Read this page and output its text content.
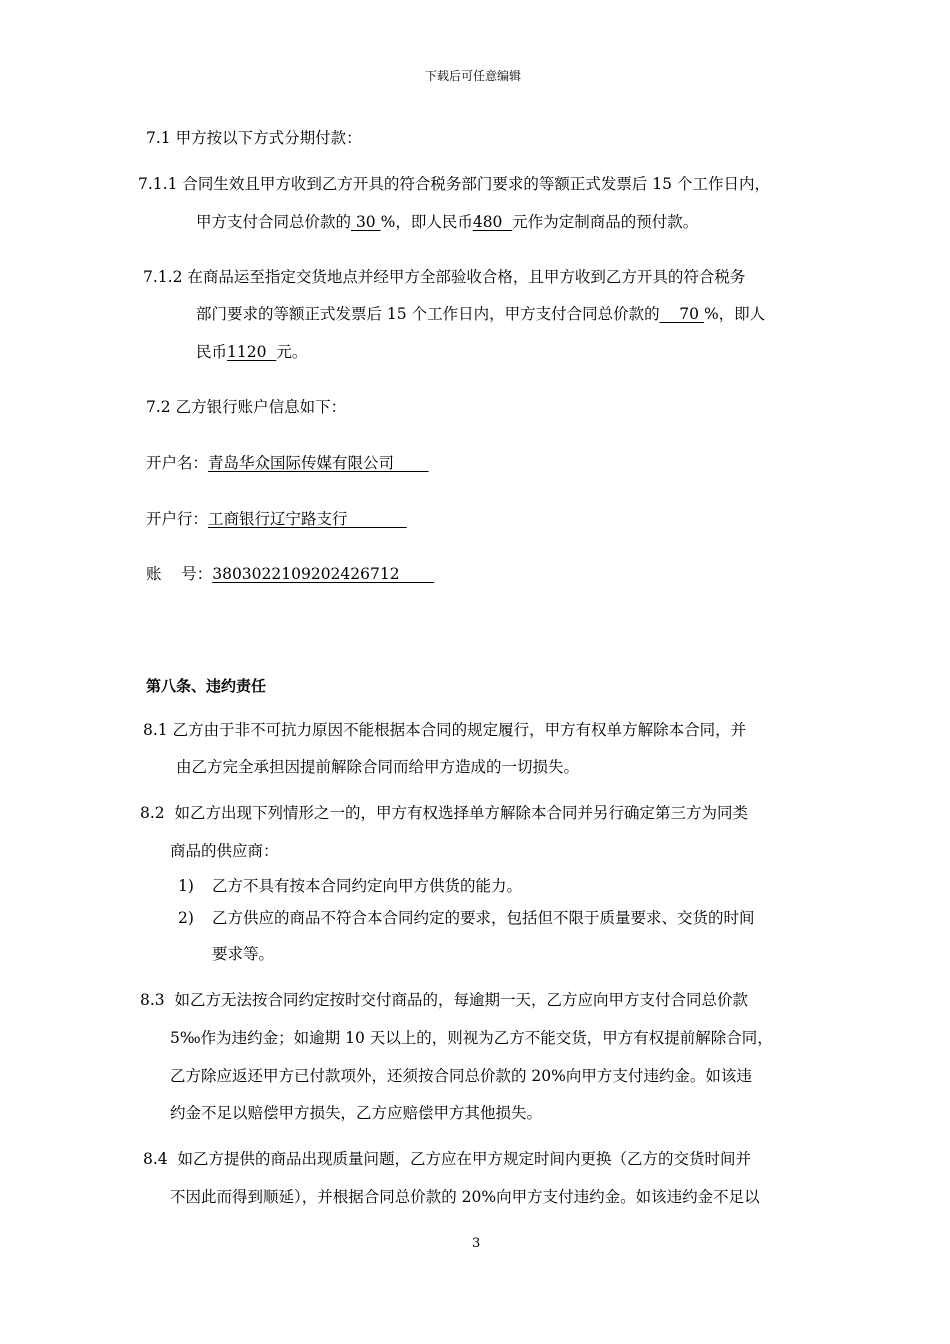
下载后可任意编辑
7.1 甲方按以下方式分期付款：
7.1.1 合同生效且甲方收到乙方开具的符合税务部门要求的等额正式发票后 15 个工作日内，
甲方支付合同总价款的 30 %，即人民币480  元作为定制商品的预付款。
7.1.2 在商品运至指定交货地点并经甲方全部验收合格，且甲方收到乙方开具的符合税务
部门要求的等额正式发票后 15 个工作日内，甲方支付合同总价款的    70 %，即人
民币1120  元。
7.2 乙方银行账户信息如下：
开户名：青岛华众国际传媒有限公司
开户行：工商银行辽宁路支行
账    号：3803022109202426712
第八条、违约责任
8.1 乙方由于非不可抗力原因不能根据本合同的规定履行，甲方有权单方解除本合同，并
由乙方完全承担因提前解除合同而给甲方造成的一切损失。
8.2  如乙方出现下列情形之一的，甲方有权选择单方解除本合同并另行确定第三方为同类
商品的供应商：
1) 乙方不具有按本合同约定向甲方供货的能力。
2) 乙方供应的商品不符合本合同约定的要求，包括但不限于质量要求、交货的时间
要求等。
8.3  如乙方无法按合同约定按时交付商品的，每逾期一天，乙方应向甲方支付合同总价款
5‰作为违约金；如逾期 10 天以上的，则视为乙方不能交货，甲方有权提前解除合同，
乙方除应返还甲方已付款项外，还须按合同总价款的 20%向甲方支付违约金。如该违
约金不足以赔偿甲方损失，乙方应赔偿甲方其他损失。
8.4  如乙方提供的商品出现质量问题，乙方应在甲方规定时间内更换（乙方的交货时间并
不因此而得到顺延），并根据合同总价款的 20%向甲方支付违约金。如该违约金不足以
3
